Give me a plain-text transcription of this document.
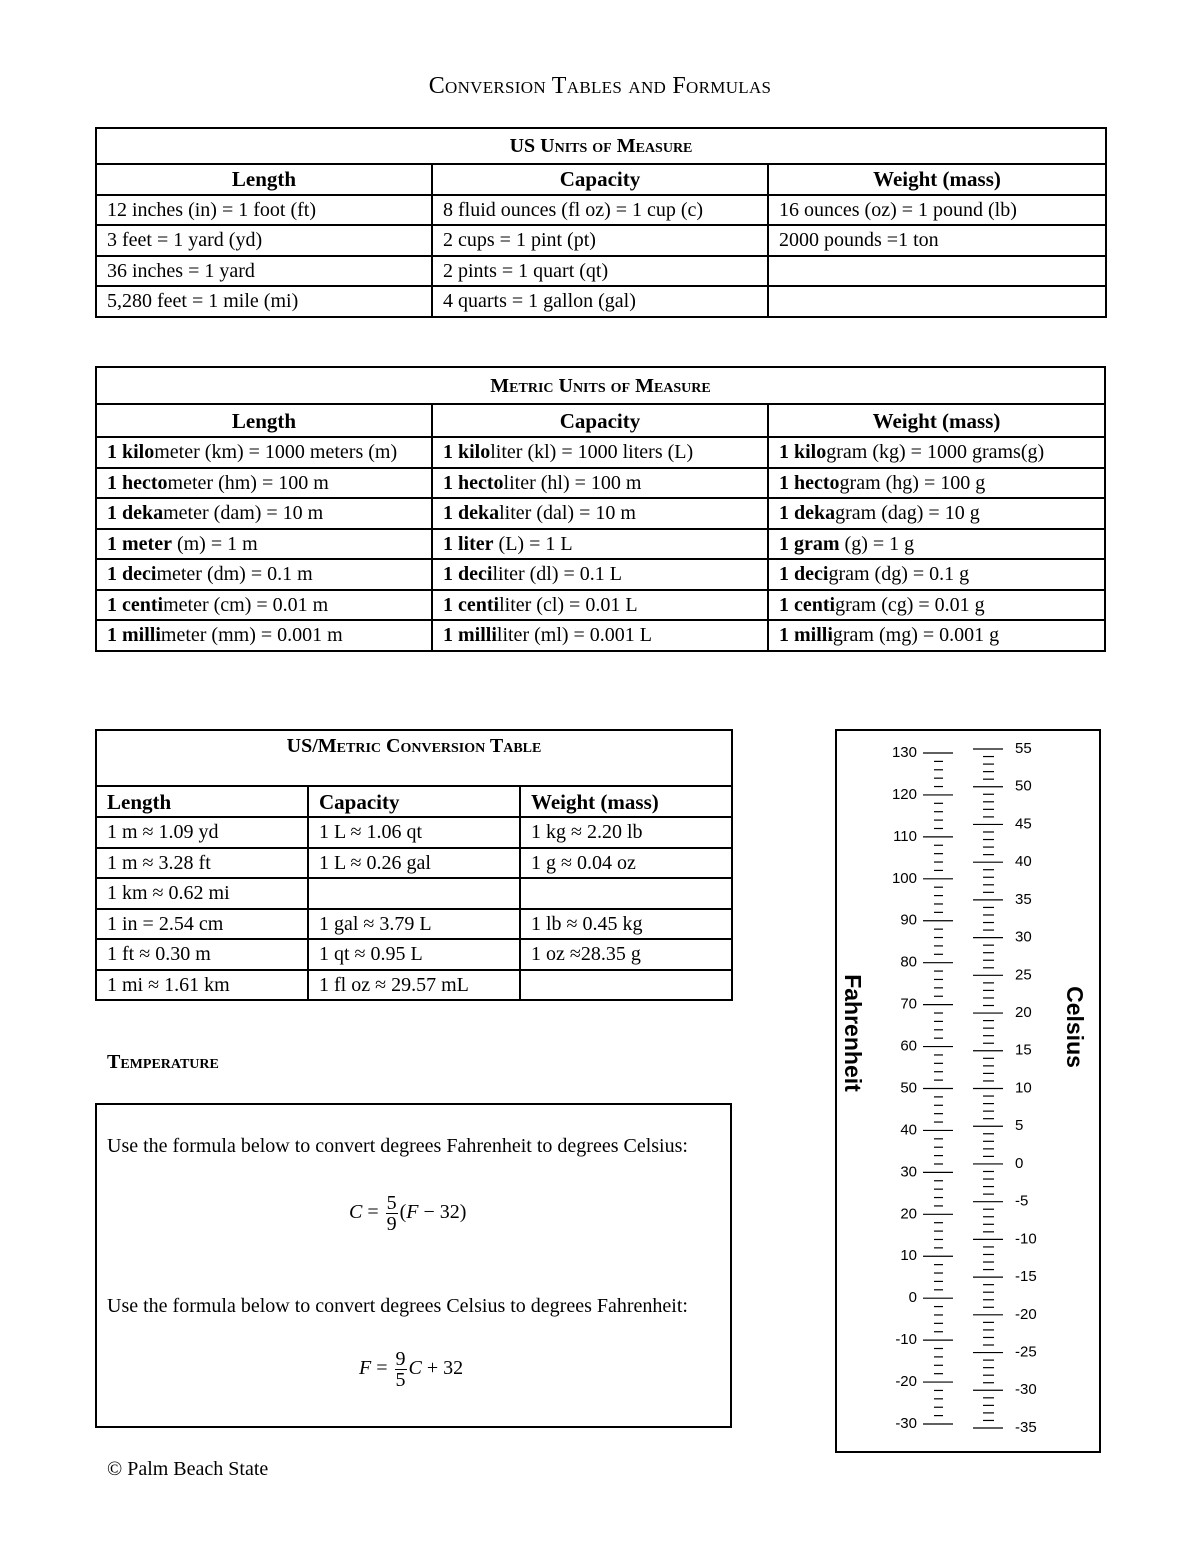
Conversion Tables and Formulas
US Units of Measure		
Length	Capacity	Weight (mass)
12 inches (in) = 1 foot (ft)	8 fluid ounces (fl oz) = 1 cup (c)	16 ounces (oz) = 1 pound (lb)
3 feet = 1 yard (yd)	2 cups = 1 pint (pt)	2000 pounds =1 ton
36 inches = 1 yard	2 pints = 1 quart (qt)	
5,280 feet = 1 mile (mi)	4 quarts = 1 gallon (gal)	
Metric Units of Measure		
Length	Capacity	Weight (mass)
1 kilometer (km) = 1000 meters (m)	1 kiloliter (kl) = 1000 liters (L)	1 kilogram (kg) = 1000 grams(g)
1 hectometer (hm) = 100 m	1 hectoliter (hl) = 100 m	1 hectogram (hg) = 100 g
1 dekameter (dam) = 10 m	1 dekaliter (dal) = 10 m	1 dekagram (dag) = 10 g
1 meter (m) = 1 m	1 liter (L) = 1 L	1 gram (g) = 1 g
1 decimeter (dm) = 0.1 m	1 deciliter (dl) = 0.1 L	1 decigram (dg) = 0.1 g
1 centimeter (cm) = 0.01 m	1 centiliter (cl) = 0.01 L	1 centigram (cg) = 0.01 g
1 millimeter (mm) = 0.001 m	1 milliliter (ml) = 0.001 L	1 milligram (mg) = 0.001 g
US/Metric Conversion Table		
Length	Capacity	Weight (mass)
1 m ≈ 1.09 yd	1 L ≈ 1.06 qt	1 kg ≈ 2.20 lb
1 m ≈ 3.28 ft	1 L ≈ 0.26 gal	1 g ≈ 0.04 oz
1 km ≈ 0.62 mi		
1 in = 2.54 cm	1 gal ≈ 3.79 L	1 lb ≈ 0.45 kg
1 ft ≈ 0.30 m	1 qt ≈ 0.95 L	1 oz ≈28.35 g
1 mi ≈ 1.61 km	1 fl oz ≈ 29.57 mL	
Temperature
Use the formula below to convert degrees Fahrenheit to degrees Celsius:
$C = \frac{5}{9} (F - 32)$
Use the formula below to convert degrees Celsius to degrees Fahrenheit:
$F = \frac{9}{5}$ C + 32
© Palm Beach State
130
120
110
100
90
80
70
60
50
40
30
20
10
0
-10
-20
-30
55
50
45
40
35
30
25
20
15
10
5
0
-5
-10
-15
-20
-25
-30
-35
Fahrenheit	Celsius
